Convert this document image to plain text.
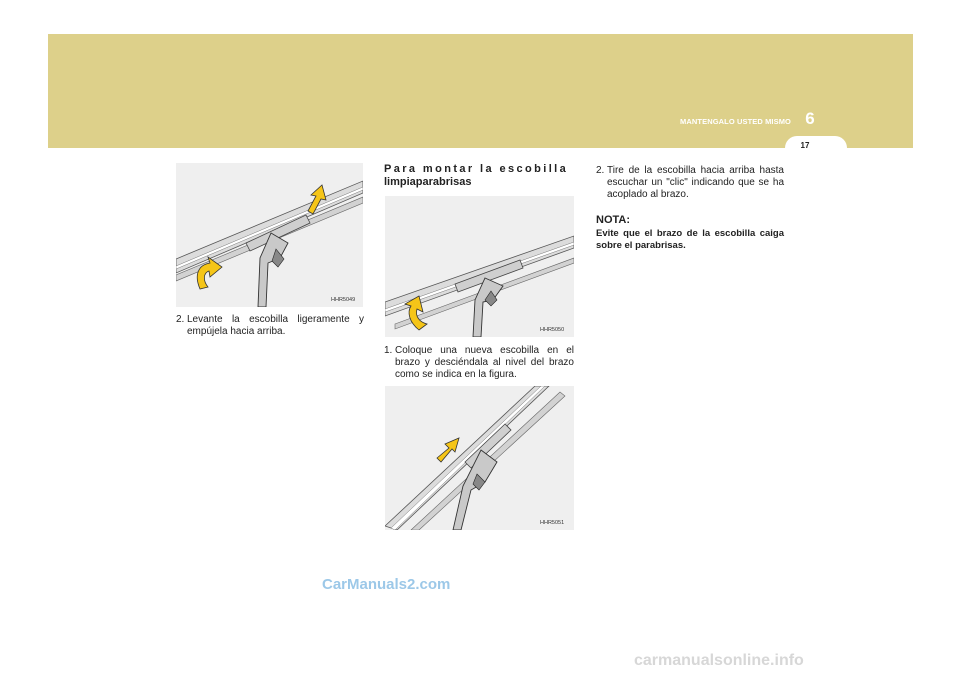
6
MANTENGALO USTED MISMO
17
HHR5049
2. Levante la escobilla ligeramente y empújela hacia arriba.
Para montar la escobilla
limpiaparabrisas
HHR5050
1. Coloque una nueva escobilla en el brazo y desciéndala al nivel del brazo como se indica en la figura.
HHR5051
2. Tire de la escobilla hacia arriba hasta escuchar un "clic" indicando que se ha acoplado al brazo.
NOTA:
Evite que el brazo de la escobilla caiga sobre el parabrisas.
CarManuals2.com
carmanualsonline.info
